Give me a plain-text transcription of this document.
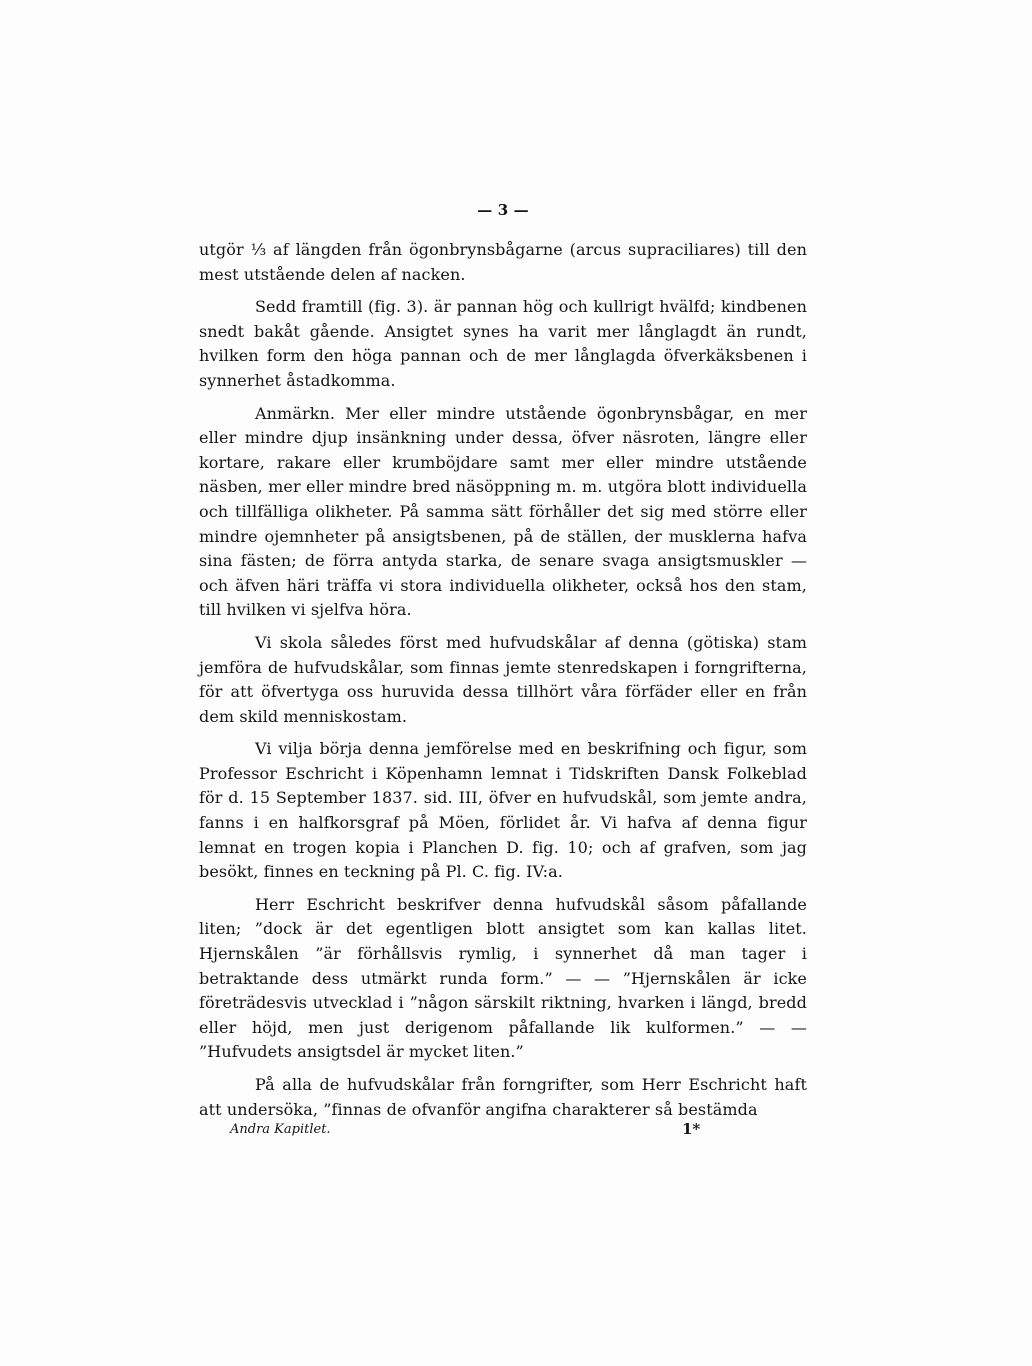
— 3 —

utgör ⅓ af längden från ögonbrynsbågarne (arcus supraciliares) till den mest utstående delen af nacken.

Sedd framtill (fig. 3). är pannan hög och kullrigt hvälfd; kindbenen snedt bakåt gående. Ansigtet synes ha varit mer långlagdt än rundt, hvilken form den höga pannan och de mer långlagda öfverkäksbenen i synnerhet åstadkomma.

Anmärkn. Mer eller mindre utstående ögonbrynsbågar, en mer eller mindre djup insänkning under dessa, öfver näsroten, längre eller kortare, rakare eller krumböjdare samt mer eller mindre utstående näsben, mer eller mindre bred näsöppning m. m. utgöra blott individuella och tillfälliga olikheter. På samma sätt förhåller det sig med större eller mindre ojemnheter på ansigtsbenen, på de ställen, der musklerna hafva sina fästen; de förra antyda starka, de senare svaga ansigtsmuskler — och äfven häri träffa vi stora individuella olikheter, också hos den stam, till hvilken vi sjelfva höra.

Vi skola således först med hufvudskålar af denna (götiska) stam jemföra de hufvudskålar, som finnas jemte stenredskapen i forngrifterna, för att öfvertyga oss huruvida dessa tillhört våra förfäder eller en från dem skild menniskostam.

Vi vilja börja denna jemförelse med en beskrifning och figur, som Professor Eschricht i Köpenhamn lemnat i Tidskriften Dansk Folkeblad för d. 15 September 1837. sid. III, öfver en hufvudskål, som jemte andra, fanns i en halfkorsgraf på Möen, förlidet år. Vi hafva af denna figur lemnat en trogen kopia i Planchen D. fig. 10; och af grafven, som jag besökt, finnes en teckning på Pl. C. fig. IV:a.

Herr Eschricht beskrifver denna hufvudskål såsom påfallande liten; ”dock är det egentligen blott ansigtet som kan kallas litet. Hjernskålen ”är förhållsvis rymlig, i synnerhet då man tager i betraktande dess utmärkt runda form.” — — ”Hjernskålen är icke företrädesvis utvecklad i ”någon särskilt riktning, hvarken i längd, bredd eller höjd, men just derigenom påfallande lik kulformen.” — — ”Hufvudets ansigtsdel är mycket liten.”

På alla de hufvudskålar från forngrifter, som Herr Eschricht haft att undersöka, ”finnas de ofvanför angifna charakterer så bestämda

Andra Kapitlet.	1*
